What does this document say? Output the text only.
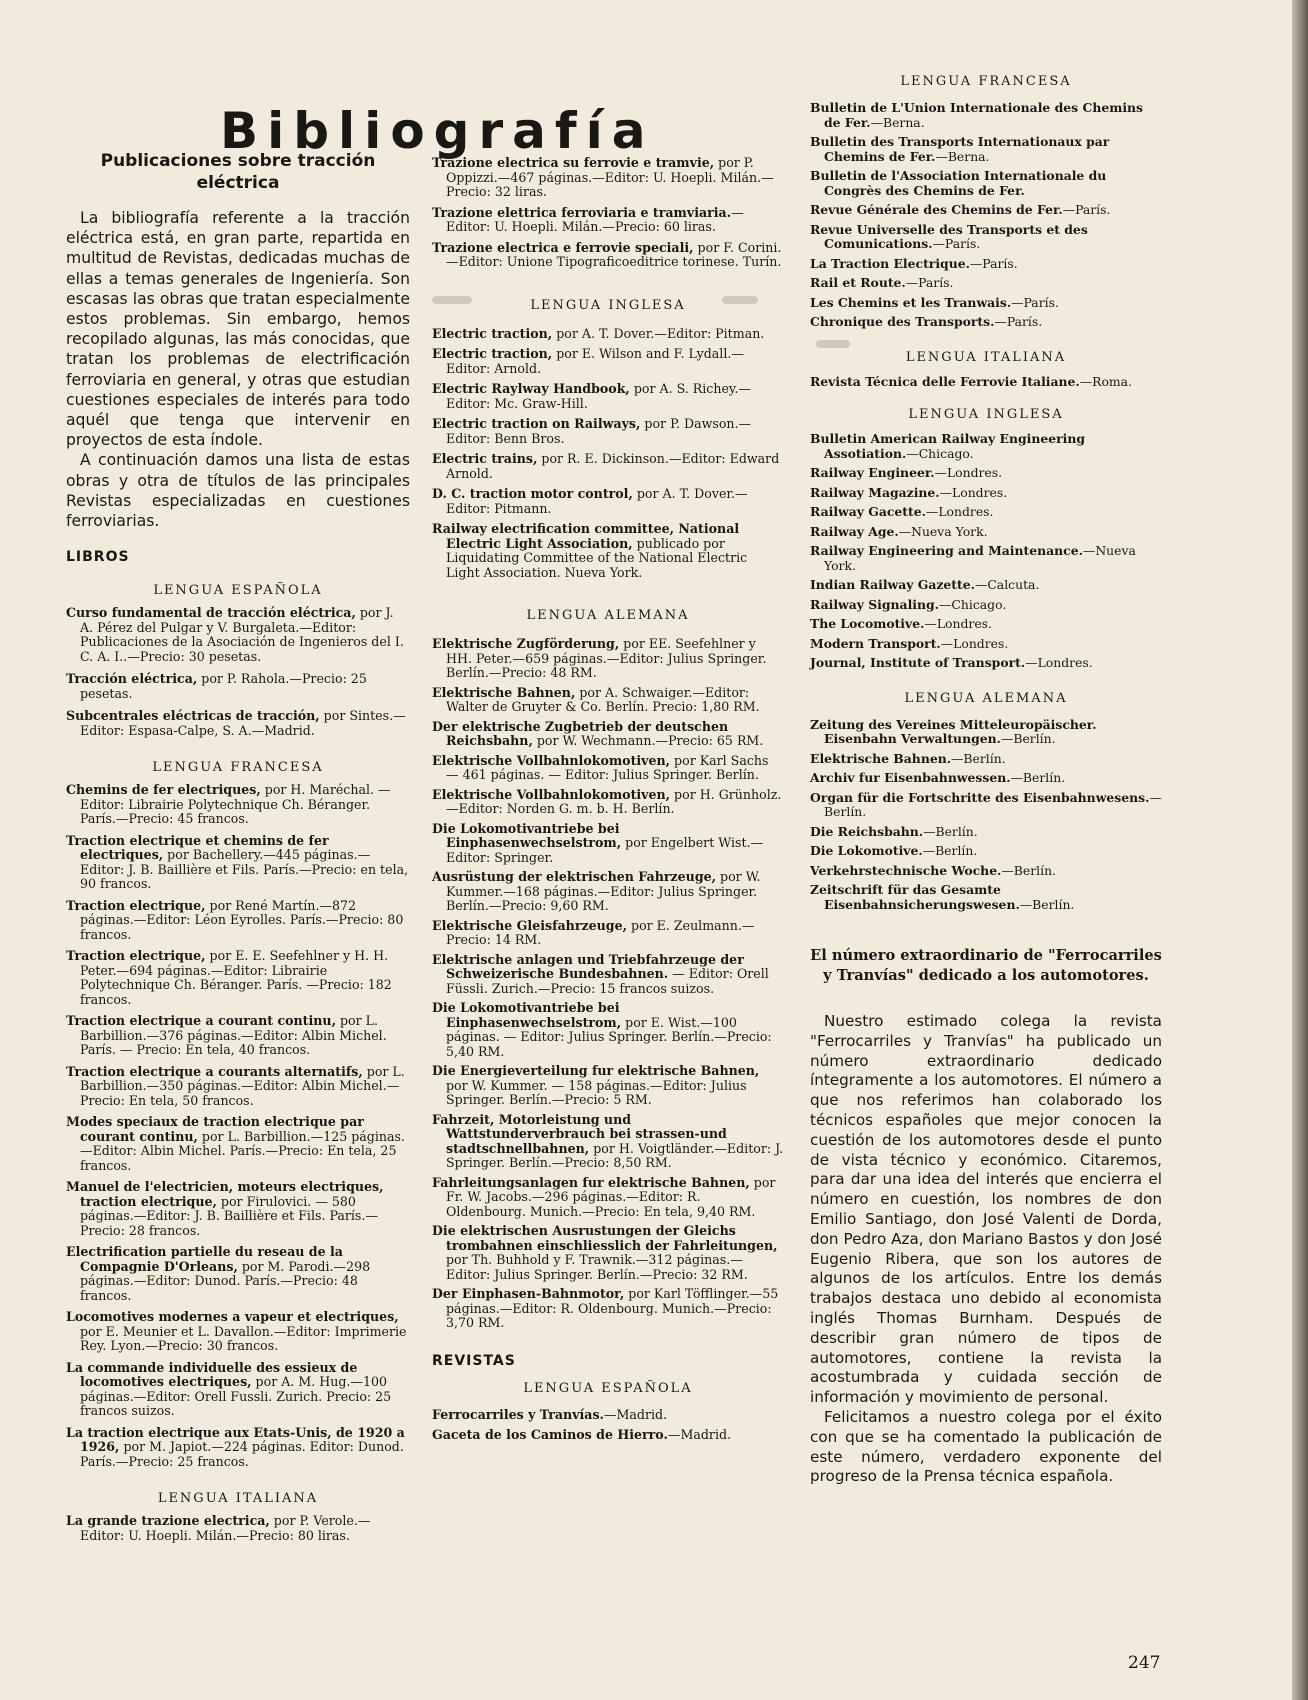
Bibliografía
Publicaciones sobre tracción eléctrica

La bibliografía referente a la tracción eléctrica está, en gran parte, repartida en multitud de Revistas, dedicadas muchas de ellas a temas generales de Ingeniería. Son escasas las obras que tratan especialmente estos problemas. Sin embargo, hemos recopilado algunas, las más conocidas, que tratan los problemas de electrificación ferroviaria en general, y otras que estudian cuestiones especiales de interés para todo aquél que tenga que intervenir en proyectos de esta índole.

A continuación damos una lista de estas obras y otra de títulos de las principales Revistas especializadas en cuestiones ferroviarias.

LIBROS
LENGUA ESPAÑOLA

Curso fundamental de tracción eléctrica, por J. A. Pérez del Pulgar y V. Burgaleta.—Editor: Publicaciones de la Asociación de Ingenieros del I. C. A. I..—Precio: 30 pesetas.

Tracción eléctrica, por P. Rahola.—Precio: 25 pesetas.

Subcentrales eléctricas de tracción, por Sintes.—Editor: Espasa-Calpe, S. A.—Madrid.

LENGUA FRANCESA

Chemins de fer electriques, por H. Maréchal. — Editor: Librairie Polytechnique Ch. Béranger. París.—Precio: 45 francos.

Traction electrique et chemins de fer electriques, por Bachellery.—445 páginas.—Editor: J. B. Baillière et Fils. París.—Precio: en tela, 90 francos.

Traction electrique, por René Martín.—872 páginas.—Editor: Léon Eyrolles. París.—Precio: 80 francos.

Traction electrique, por E. E. Seefehlner y H. H. Peter.—694 páginas.—Editor: Librairie Polytechnique Ch. Béranger. París. —Precio: 182 francos.

Traction electrique a courant continu, por L. Barbillion.—376 páginas.—Editor: Albin Michel. París. — Precio: En tela, 40 francos.

Traction electrique a courants alternatifs, por L. Barbillion.—350 páginas.—Editor: Albin Michel.—Precio: En tela, 50 francos.

Modes speciaux de traction electrique par courant continu, por L. Barbillion.—125 páginas.—Editor: Albin Michel. París.—Precio: En tela, 25 francos.

Manuel de l'electricien, moteurs electriques, traction electrique, por Firulovici. — 580 páginas.—Editor: J. B. Baillière et Fils. París.—Precio: 28 francos.

Electrification partielle du reseau de la Compagnie D'Orleans, por M. Parodi.—298 páginas.—Editor: Dunod. París.—Precio: 48 francos.

Locomotives modernes a vapeur et electriques, por E. Meunier et L. Davallon.—Editor: Imprimerie Rey. Lyon.—Precio: 30 francos.

La commande individuelle des essieux de locomotives electriques, por A. M. Hug.—100 páginas.—Editor: Orell Fussli. Zurich. Precio: 25 francos suizos.

La traction electrique aux Etats-Unis, de 1920 a 1926, por M. Japiot.—224 páginas. Editor: Dunod. París.—Precio: 25 francos.

LENGUA ITALIANA

La grande trazione electrica, por P. Verole.—Editor: U. Hoepli. Milán.—Precio: 80 liras.

Trazione electrica su ferrovie e tramvie, por P. Oppizzi.—467 páginas.—Editor: U. Hoepli. Milán.—Precio: 32 liras.

Trazione elettrica ferroviaria e tramviaria.—Editor: U. Hoepli. Milán.—Precio: 60 liras.

Trazione electrica e ferrovie speciali, por F. Corini.—Editor: Unione Tipograficoeditrice torinese. Turín.

LENGUA INGLESA

Electric traction, por A. T. Dover.—Editor: Pitman.

Electric traction, por E. Wilson and F. Lydall.—Editor: Arnold.

Electric Raylway Handbook, por A. S. Richey.—Editor: Mc. Graw-Hill.

Electric traction on Railways, por P. Dawson.—Editor: Benn Bros.

Electric trains, por R. E. Dickinson.—Editor: Edward Arnold.

D. C. traction motor control, por A. T. Dover.—Editor: Pitmann.

Railway electrification committee, National Electric Light Association, publicado por Liquidating Committee of the National Electric Light Association. Nueva York.

LENGUA ALEMANA

Elektrische Zugförderung, por EE. Seefehlner y HH. Peter.—659 páginas.—Editor: Julius Springer. Berlín.—Precio: 48 RM.

Elektrische Bahnen, por A. Schwaiger.—Editor: Walter de Gruyter & Co. Berlín. Precio: 1,80 RM.

Der elektrische Zugbetrieb der deutschen Reichsbahn, por W. Wechmann.—Precio: 65 RM.

Elektrische Vollbahnlokomotiven, por Karl Sachs — 461 páginas. — Editor: Julius Springer. Berlín.

Elektrische Vollbahnlokomotiven, por H. Grünholz.—Editor: Norden G. m. b. H. Berlín.

Die Lokomotivantriebe bei Einphasenwechselstrom, por Engelbert Wist.—Editor: Springer.

Ausrüstung der elektrischen Fahrzeuge, por W. Kummer.—168 páginas.—Editor: Julius Springer. Berlín.—Precio: 9,60 RM.

Elektrische Gleisfahrzeuge, por E. Zeulmann.—Precio: 14 RM.

Elektrische anlagen und Triebfahrzeuge der Schweizerische Bundesbahnen. — Editor: Orell Füssli. Zurich.—Precio: 15 francos suizos.

Die Lokomotivantriebe bei Einphasenwechselstrom, por E. Wist.—100 páginas. — Editor: Julius Springer. Berlín.—Precio: 5,40 RM.

Die Energieverteilung fur elektrische Bahnen, por W. Kummer. — 158 páginas.—Editor: Julius Springer. Berlín.—Precio: 5 RM.

Fahrzeit, Motorleistung und Wattstunderverbrauch bei strassen-und stadtschnellbahnen, por H. Voigtländer.—Editor: J. Springer. Berlín.—Precio: 8,50 RM.

Fahrleitungsanlagen fur elektrische Bahnen, por Fr. W. Jacobs.—296 páginas.—Editor: R. Oldenbourg. Munich.—Precio: En tela, 9,40 RM.

Die elektrischen Ausrustungen der Gleichs trombahnen einschliesslich der Fahrleitungen, por Th. Buhhold y F. Trawnik.—312 páginas.—Editor: Julius Springer. Berlín.—Precio: 32 RM.

Der Einphasen-Bahnmotor, por Karl Töfflinger.—55 páginas.—Editor: R. Oldenbourg. Munich.—Precio: 3,70 RM.

REVISTAS
LENGUA ESPAÑOLA

Ferrocarriles y Tranvías.—Madrid.

Gaceta de los Caminos de Hierro.—Madrid.

LENGUA FRANCESA

Bulletin de L'Union Internationale des Chemins de Fer.—Berna.

Bulletin des Transports Internationaux par Chemins de Fer.—Berna.

Bulletin de l'Association Internationale du Congrès des Chemins de Fer.

Revue Générale des Chemins de Fer.—París.

Revue Universelle des Transports et des Comunications.—París.

La Traction Electrique.—París.

Rail et Route.—París.

Les Chemins et les Tranwais.—París.

Chronique des Transports.—París.

LENGUA ITALIANA

Revista Técnica delle Ferrovie Italiane.—Roma.

LENGUA INGLESA

Bulletin American Railway Engineering Assotiation.—Chicago.

Railway Engineer.—Londres.

Railway Magazine.—Londres.

Railway Gacette.—Londres.

Railway Age.—Nueva York.

Railway Engineering and Maintenance.—Nueva York.

Indian Railway Gazette.—Calcuta.

Railway Signaling.—Chicago.

The Locomotive.—Londres.

Modern Transport.—Londres.

Journal, Institute of Transport.—Londres.

LENGUA ALEMANA

Zeitung des Vereines Mitteleuropäischer. Eisenbahn Verwaltungen.—Berlín.

Elektrische Bahnen.—Berlín.

Archiv fur Eisenbahnwessen.—Berlín.

Organ für die Fortschritte des Eisenbahnwesens.—Berlín.

Die Reichsbahn.—Berlín.

Die Lokomotive.—Berlín.

Verkehrstechnische Woche.—Berlín.

Zeitschrift für das Gesamte Eisenbahnsicherungswesen.—Berlín.

El número extraordinario de "Ferrocarriles y Tranvías" dedicado a los automotores.

Nuestro estimado colega la revista "Ferrocarriles y Tranvías" ha publicado un número extraordinario dedicado íntegramente a los automotores. El número a que nos referimos han colaborado los técnicos españoles que mejor conocen la cuestión de los automotores desde el punto de vista técnico y económico. Citaremos, para dar una idea del interés que encierra el número en cuestión, los nombres de don Emilio Santiago, don José Valenti de Dorda, don Pedro Aza, don Mariano Bastos y don José Eugenio Ribera, que son los autores de algunos de los artículos. Entre los demás trabajos destaca uno debido al economista inglés Thomas Burnham. Después de describir gran número de tipos de automotores, contiene la revista la acostumbrada y cuidada sección de información y movimiento de personal.

Felicitamos a nuestro colega por el éxito con que se ha comentado la publicación de este número, verdadero exponente del progreso de la Prensa técnica española.

247
